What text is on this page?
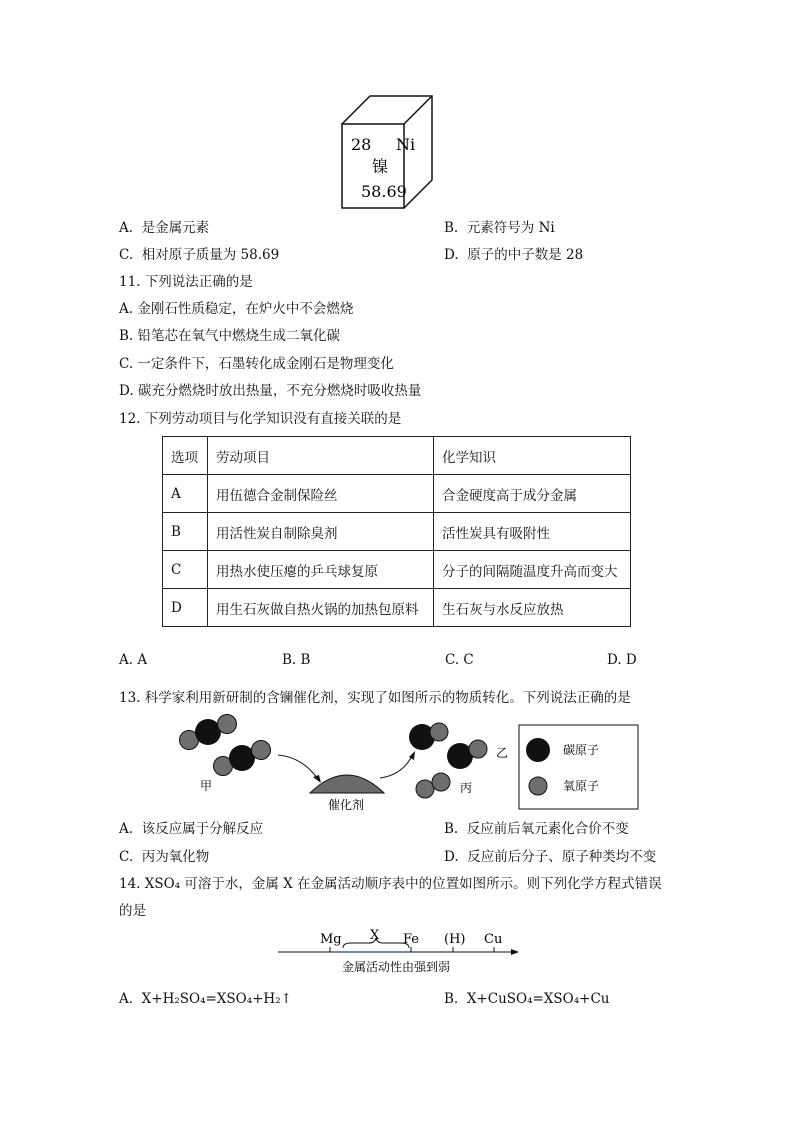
28 Ni
镍
58.69
A. 是金属元素	B. 元素符号为 Ni
C. 相对原子质量为 58.69	D. 原子的中子数是 28
11. 下列说法正确的是
A. 金刚石性质稳定，在炉火中不会燃烧
B. 铅笔芯在氧气中燃烧生成二氧化碳
C. 一定条件下，石墨转化成金刚石是物理变化
D. 碳充分燃烧时放出热量，不充分燃烧时吸收热量
12. 下列劳动项目与化学知识没有直接关联的是
选项	劳动项目	化学知识
A	用伍德合金制保险丝	合金硬度高于成分金属
B	用活性炭自制除臭剂	活性炭具有吸附性
C	用热水使压瘪的乒乓球复原	分子的间隔随温度升高而变大
D	用生石灰做自热火锅的加热包原料	生石灰与水反应放热
A. A	B. B	C. C	D. D
13. 科学家利用新研制的含镧催化剂，实现了如图所示的物质转化。下列说法正确的是
甲
催化剂
乙
丙
碳原子
氧原子
A. 该反应属于分解反应	B. 反应前后氧元素化合价不变
C. 丙为氧化物	D. 反应前后分子、原子种类均不变
14. XSO₄ 可溶于水，金属 X 在金属活动顺序表中的位置如图所示。则下列化学方程式错误
的是
Mg X Fe (H) Cu
金属活动性由强到弱
A. X+H₂SO₄=XSO₄+H₂↑	B. X+CuSO₄=XSO₄+Cu
